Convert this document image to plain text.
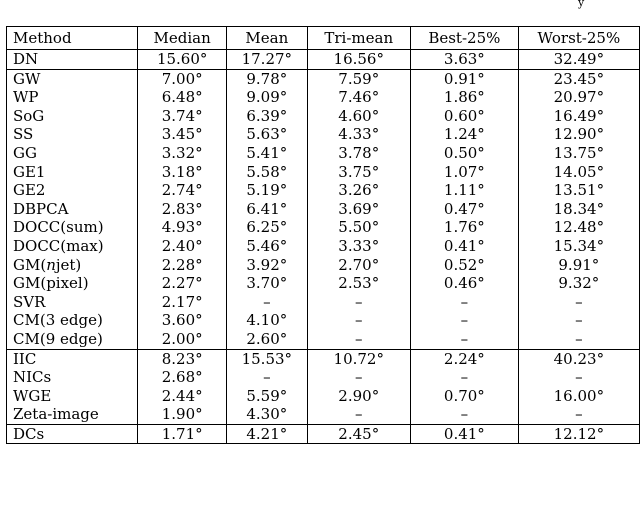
y
Method	Median	Mean	Tri-mean	Best-25%	Worst-25%
DN	15.60°	17.27°	16.56°	3.63°	32.49°
GW	7.00°	9.78°	7.59°	0.91°	23.45°
WP	6.48°	9.09°	7.46°	1.86°	20.97°
SoG	3.74°	6.39°	4.60°	0.60°	16.49°
SS	3.45°	5.63°	4.33°	1.24°	12.90°
GG	3.32°	5.41°	3.78°	0.50°	13.75°
GE1	3.18°	5.58°	3.75°	1.07°	14.05°
GE2	2.74°	5.19°	3.26°	1.11°	13.51°
DBPCA	2.83°	6.41°	3.69°	0.47°	18.34°
DOCC(sum)	4.93°	6.25°	5.50°	1.76°	12.48°
DOCC(max)	2.40°	5.46°	3.33°	0.41°	15.34°
GM(njet)	2.28°	3.92°	2.70°	0.52°	9.91°
GM(pixel)	2.27°	3.70°	2.53°	0.46°	9.32°
SVR	2.17°	–	–	–	–
CM(3 edge)	3.60°	4.10°	–	–	–
CM(9 edge)	2.00°	2.60°	–	–	–
IIC	8.23°	15.53°	10.72°	2.24°	40.23°
NICs	2.68°	–	–	–	–
WGE	2.44°	5.59°	2.90°	0.70°	16.00°
Zeta-image	1.90°	4.30°	–	–	–
DCs	1.71°	4.21°	2.45°	0.41°	12.12°
